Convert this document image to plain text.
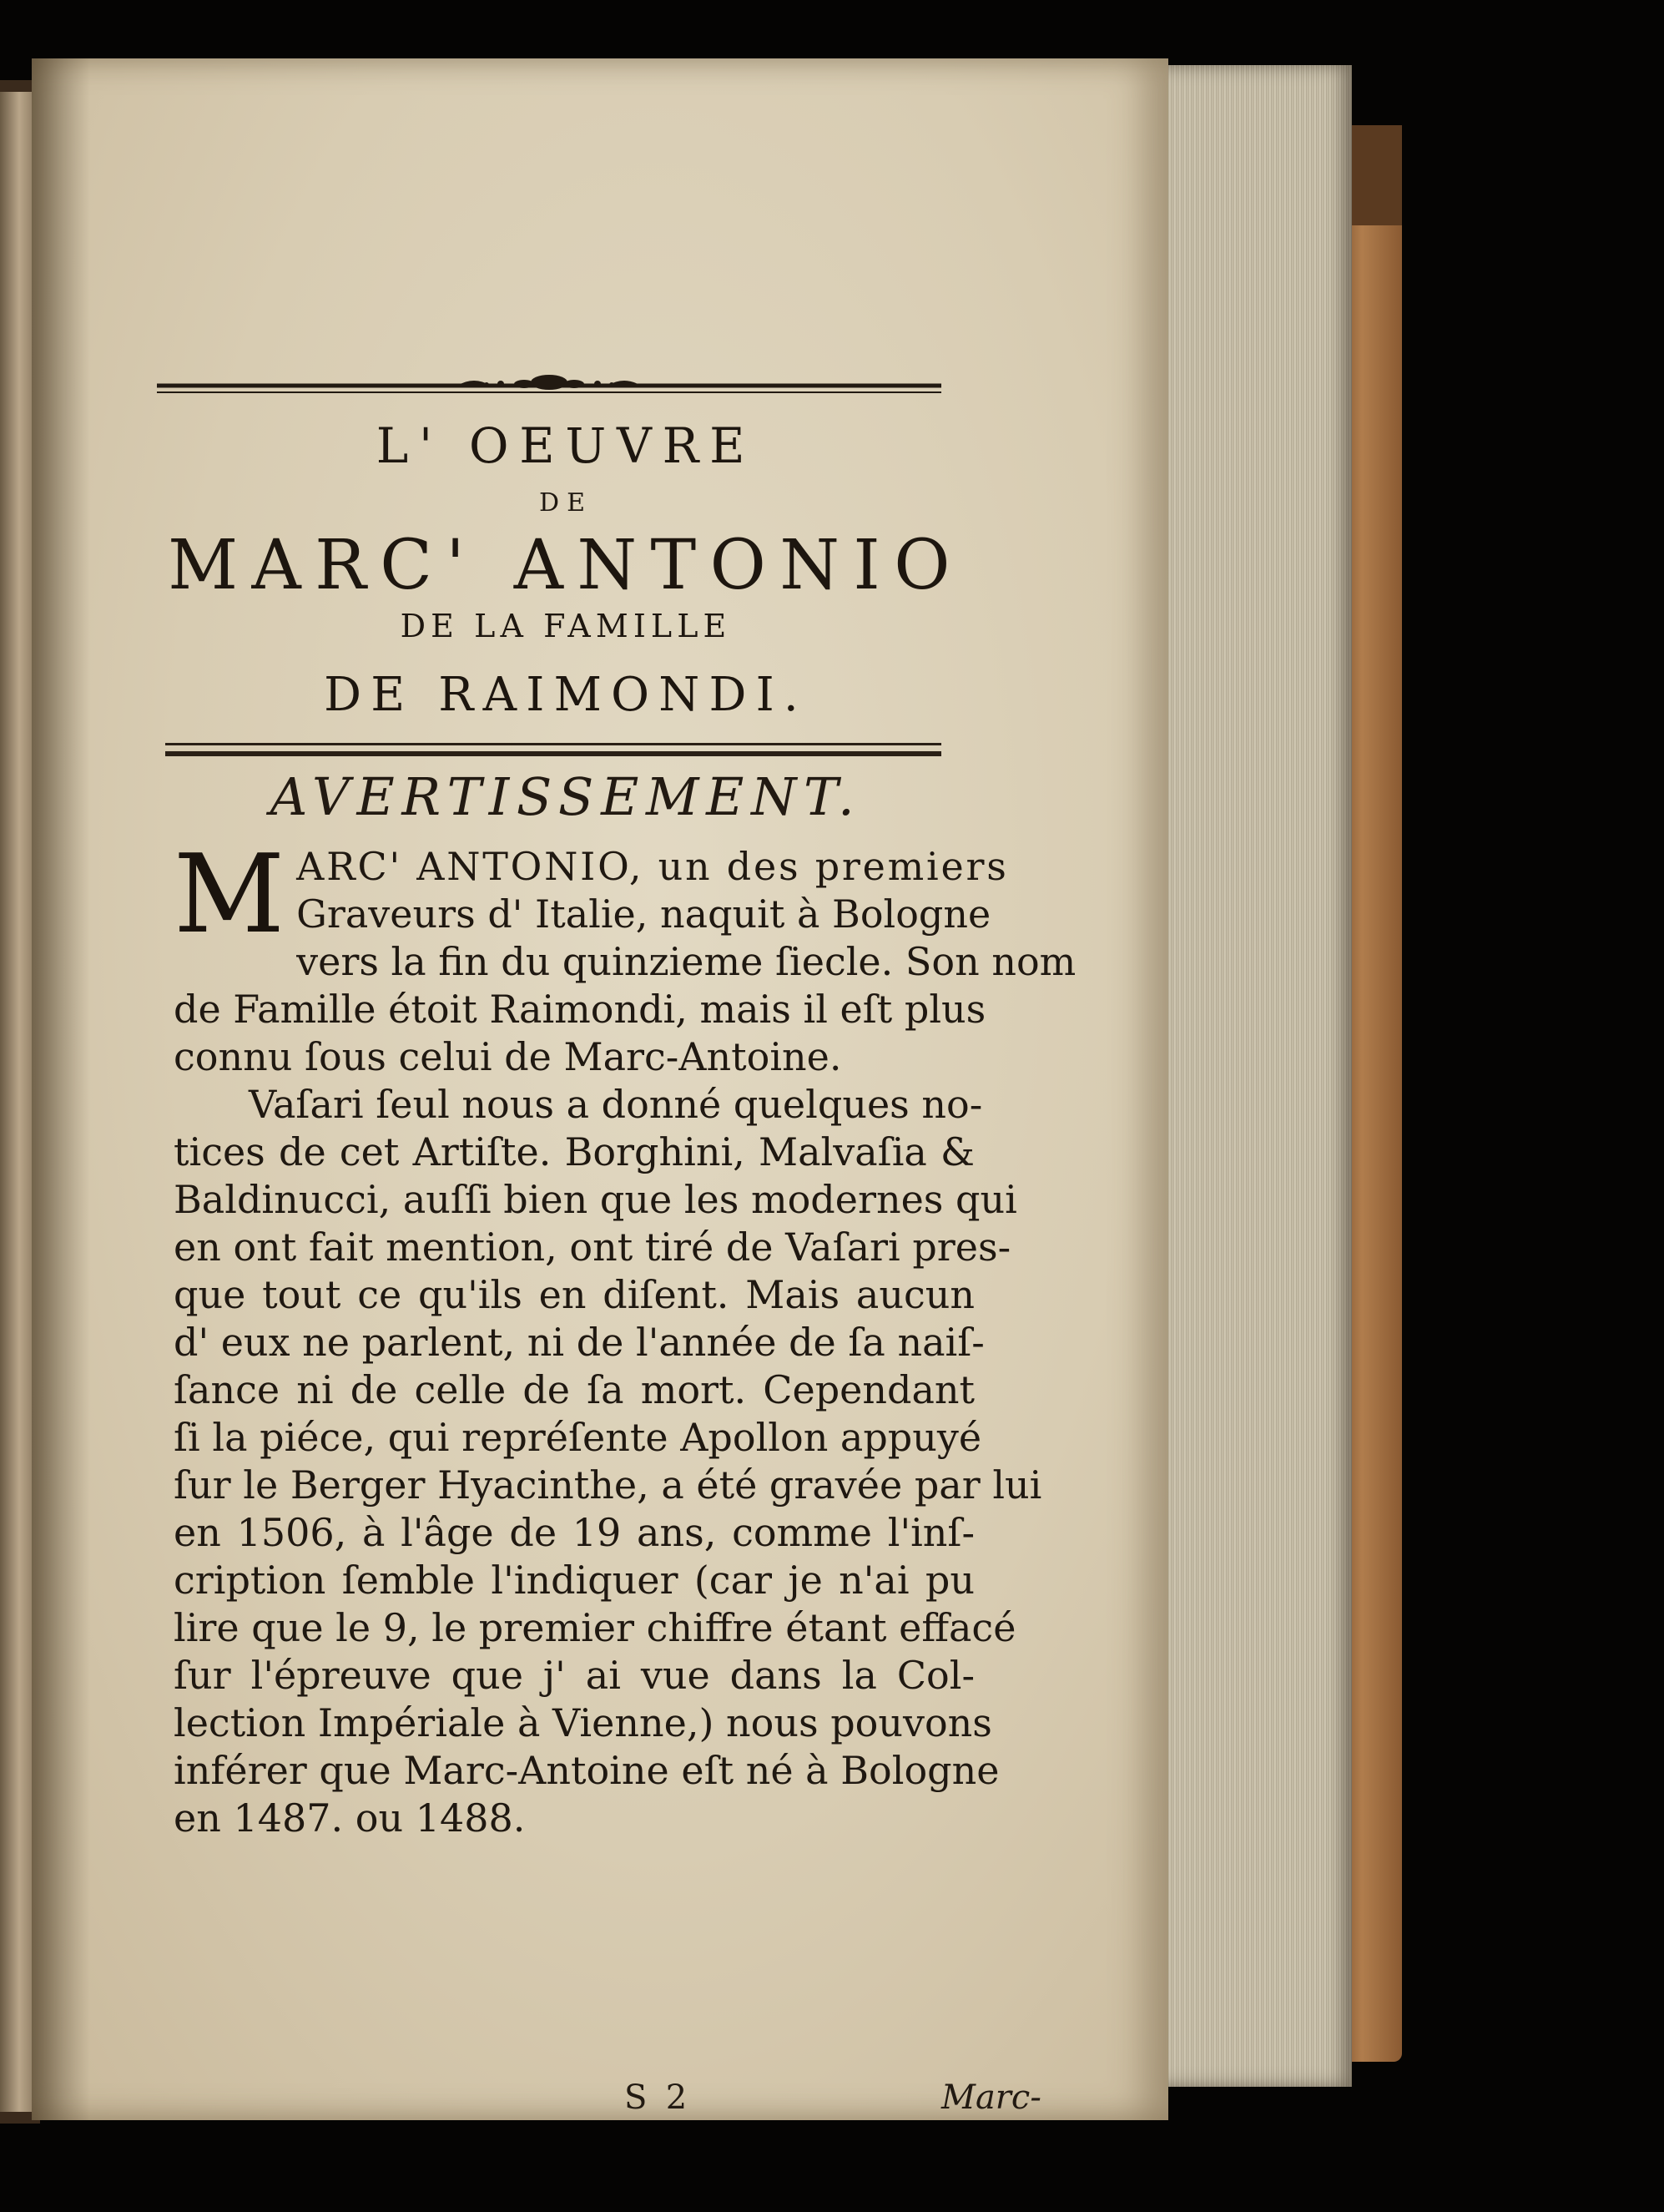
L' OEUVRE
DE
MARC' ANTONIO
DE LA FAMILLE
DE RAIMONDI.
AVERTISSEMENT.
M ARC' ANTONIO, un des premiers
Graveurs d' Italie, naquit à Bologne
vers la fin du quinzieme ſiecle. Son nom
de Famille étoit Raimondi, mais il eſt plus
connu ſous celui de Marc-Antoine.
Vaſari ſeul nous a donné quelques no-
tices de cet Artiſte. Borghini, Malvaſia &
Baldinucci, auſſi bien que les modernes qui
en ont fait mention, ont tiré de Vaſari pres-
que tout ce qu'ils en diſent. Mais aucun
d' eux ne parlent, ni de l'année de ſa naiſ-
ſance ni de celle de ſa mort. Cependant
ſi la piéce, qui repréſente Apollon appuyé
ſur le Berger Hyacinthe, a été gravée par lui
en 1506, à l'âge de 19 ans, comme l'inſ-
cription ſemble l'indiquer (car je n'ai pu
lire que le 9, le premier chiffre étant effacé
ſur l'épreuve que j' ai vue dans la Col-
lection Impériale à Vienne,) nous pouvons
inférer que Marc-Antoine eſt né à Bologne
en 1487. ou 1488.
S 2	Marc-
